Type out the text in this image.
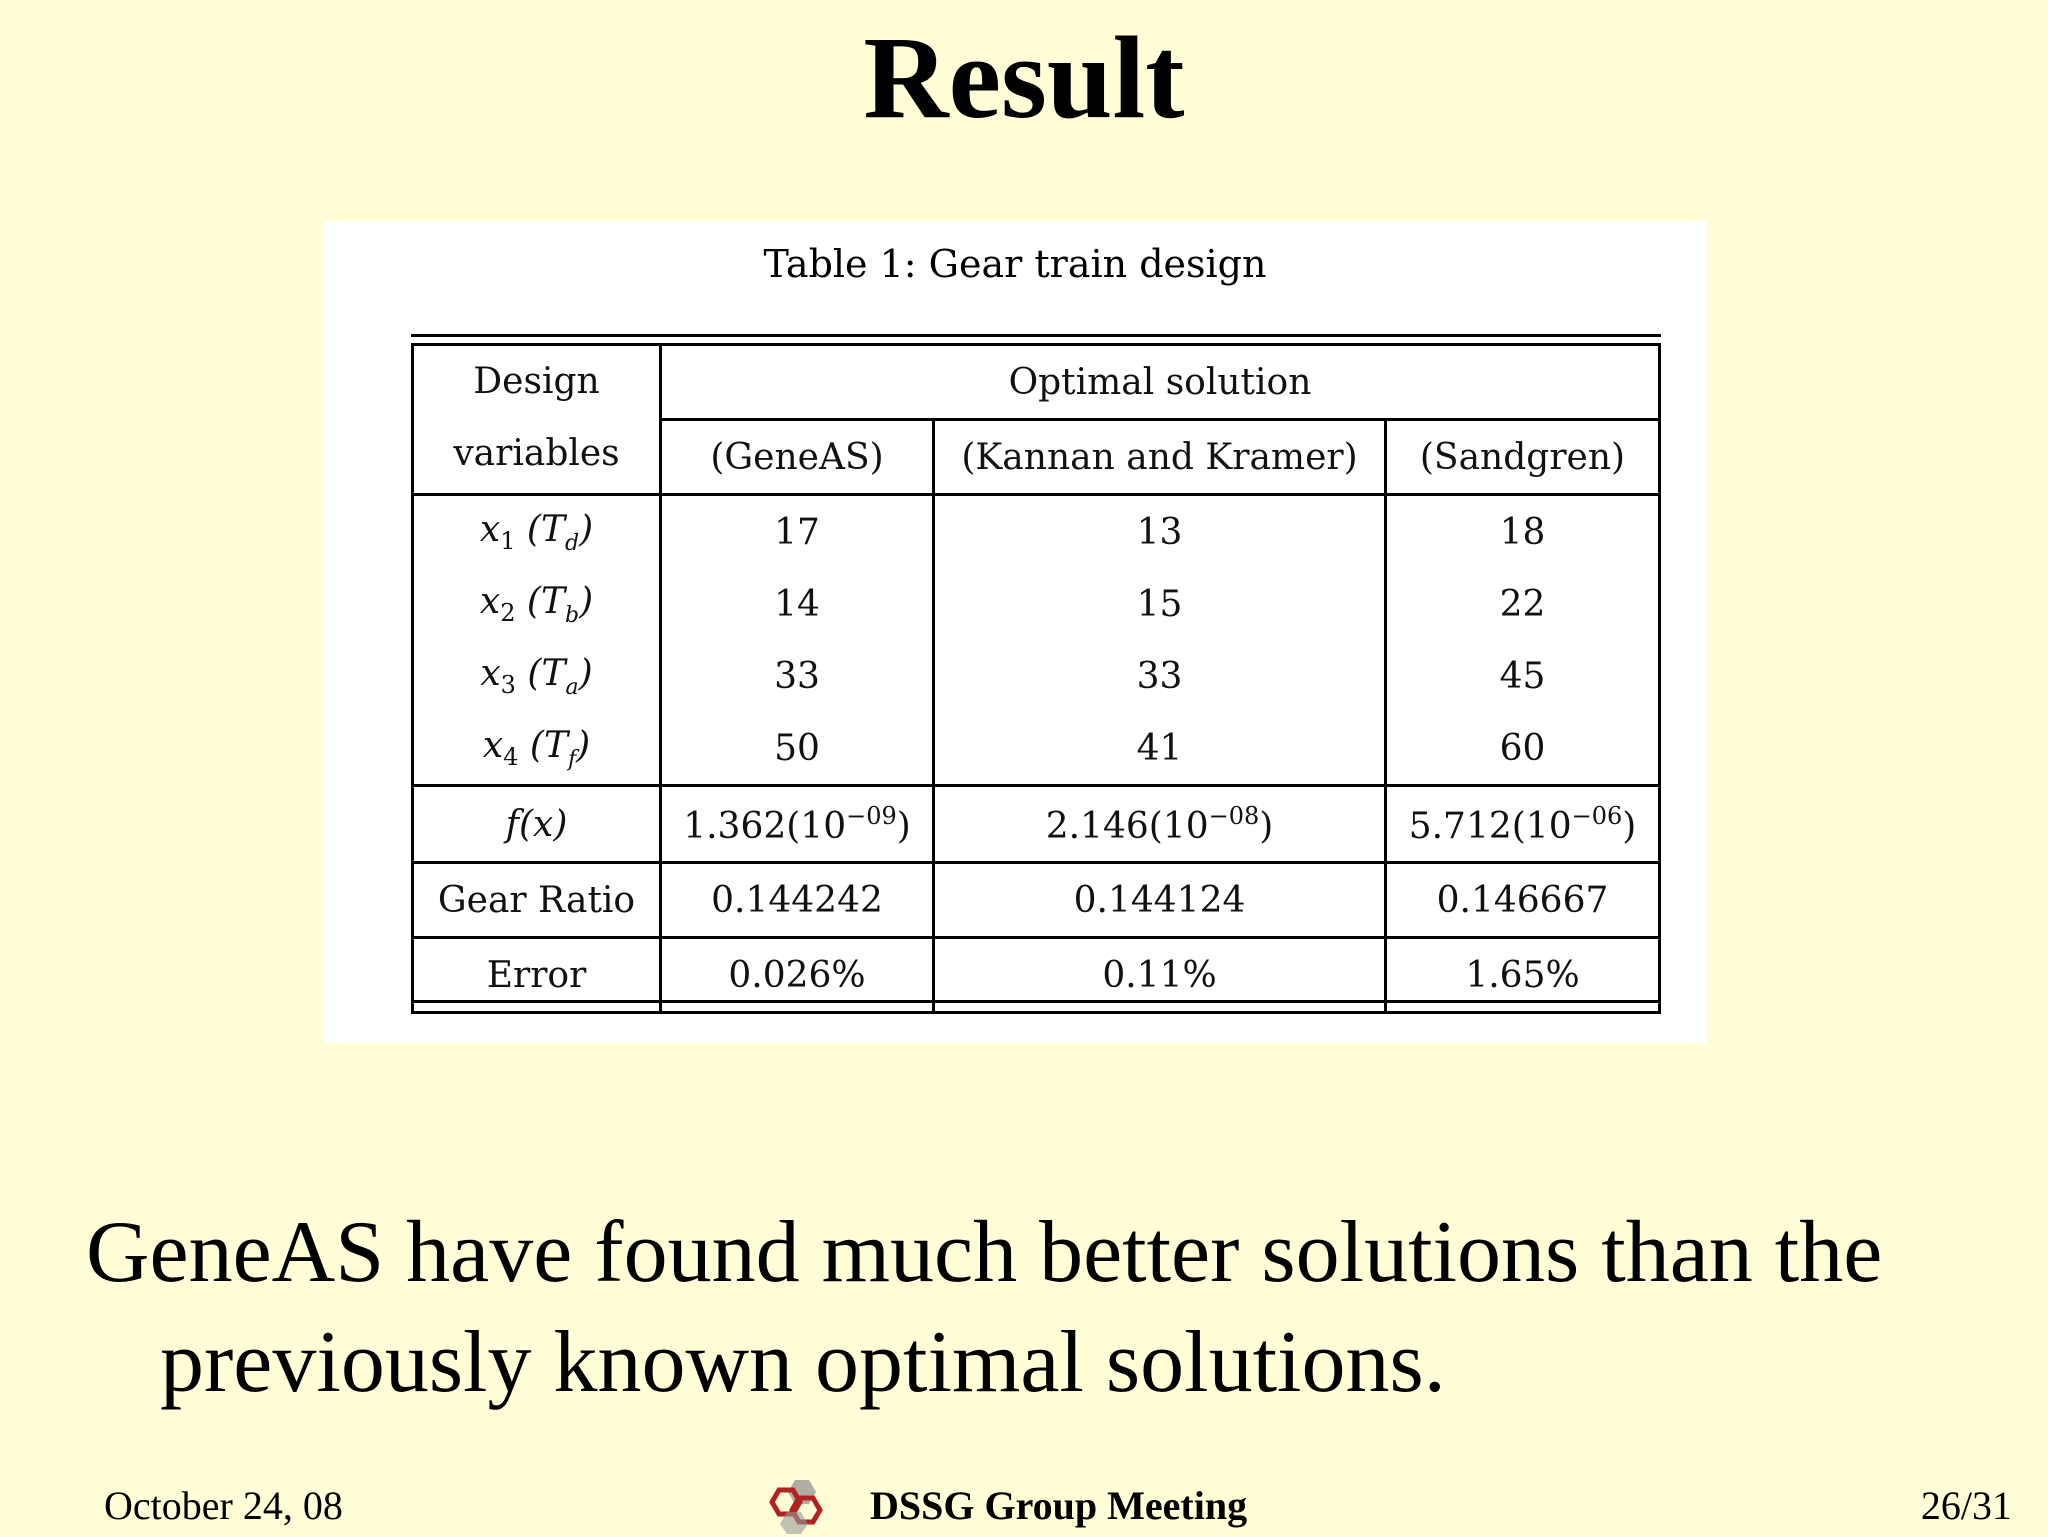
Result
Table 1: Gear train design
Design
variables	Optimal solution		
	(GeneAS)	(Kannan and Kramer)	(Sandgren)
$x_1$ $(T_d)$	17	13	18
$x_2$ $(T_b)$	14	15	22
$x_3$ $(T_a)$	33	33	45
$x_4$ $(T_f)$	50	41	60
f(x)	$1.362(10^{-09})$	$2.146(10^{-08})$	$5.712(10^{-06})$
Gear Ratio	0.144242	0.144124	0.146667
Error	0.026%	0.11%	1.65%
GeneAS have found much better solutions than the
previously known optimal solutions.
October 24, 08	DSSG Group Meeting	26/31
